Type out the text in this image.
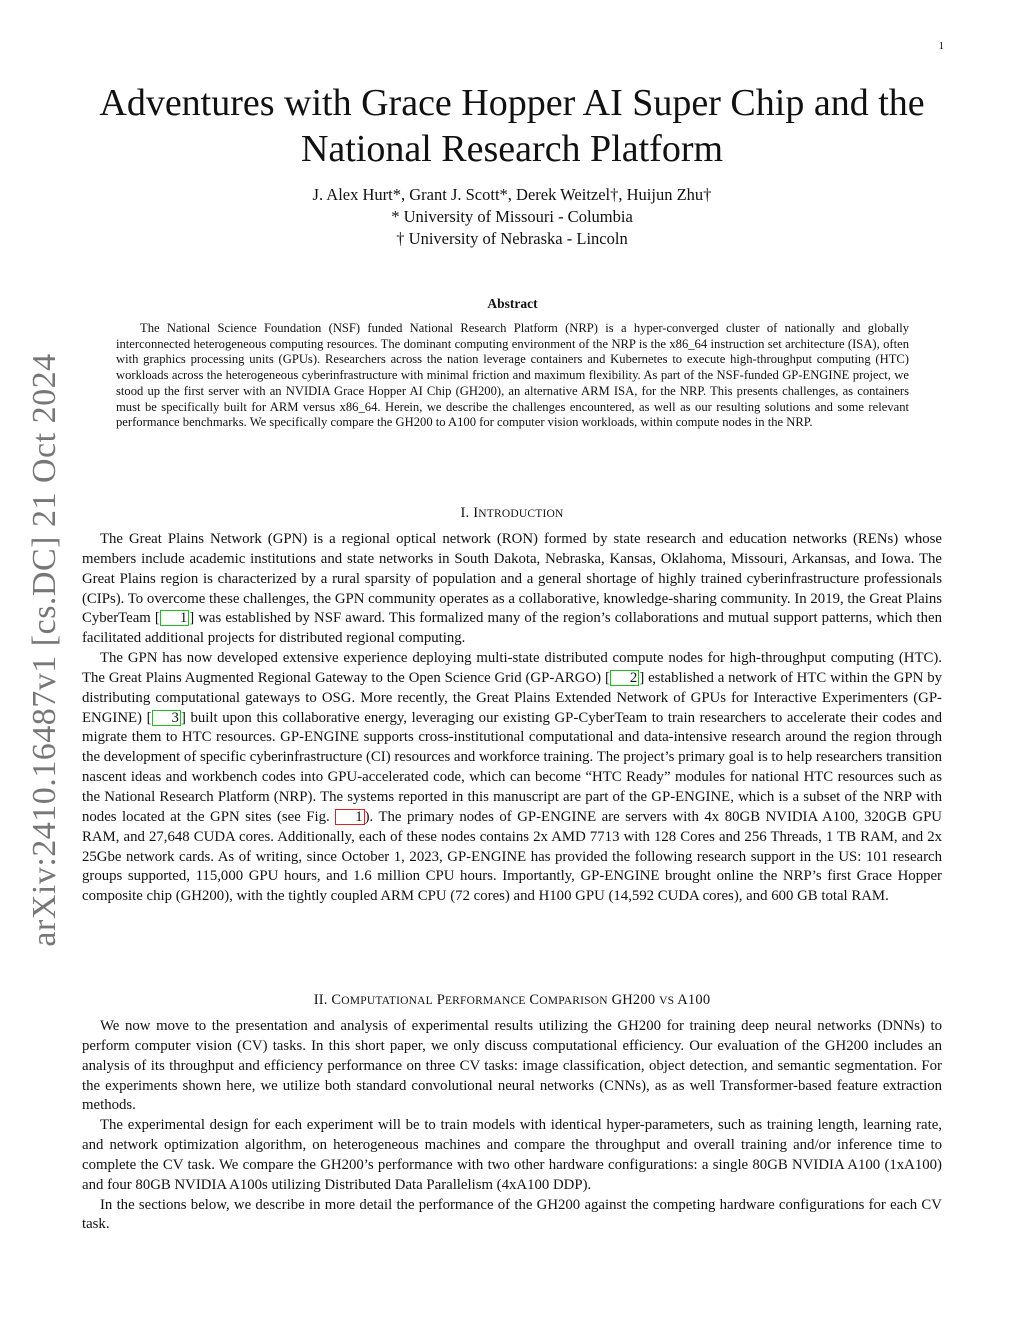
1
arXiv:2410.16487v1 [cs.DC] 21 Oct 2024
Adventures with Grace Hopper AI Super Chip and the National Research Platform
J. Alex Hurt*, Grant J. Scott*, Derek Weitzel†, Huijun Zhu†
* University of Missouri - Columbia
† University of Nebraska - Lincoln
Abstract

The National Science Foundation (NSF) funded National Research Platform (NRP) is a hyper-converged cluster of nationally and globally interconnected heterogeneous computing resources. The dominant computing environment of the NRP is the x86_64 instruction set architecture (ISA), often with graphics processing units (GPUs). Researchers across the nation leverage containers and Kubernetes to execute high-throughput computing (HTC) workloads across the heterogeneous cyberinfrastructure with minimal friction and maximum flexibility. As part of the NSF-funded GP-ENGINE project, we stood up the first server with an NVIDIA Grace Hopper AI Chip (GH200), an alternative ARM ISA, for the NRP. This presents challenges, as containers must be specifically built for ARM versus x86_64. Herein, we describe the challenges encountered, as well as our resulting solutions and some relevant performance benchmarks. We specifically compare the GH200 to A100 for computer vision workloads, within compute nodes in the NRP.

I. INTRODUCTION

The Great Plains Network (GPN) is a regional optical network (RON) formed by state research and education networks (RENs) whose members include academic institutions and state networks in South Dakota, Nebraska, Kansas, Oklahoma, Missouri, Arkansas, and Iowa. The Great Plains region is characterized by a rural sparsity of population and a general shortage of highly trained cyberinfrastructure professionals (CIPs). To overcome these challenges, the GPN community operates as a collaborative, knowledge-sharing community. In 2019, the Great Plains CyberTeam [ 1 ] was established by NSF award. This formalized many of the region’s collaborations and mutual support patterns, which then facilitated additional projects for distributed regional computing.

The GPN has now developed extensive experience deploying multi-state distributed compute nodes for high-throughput computing (HTC). The Great Plains Augmented Regional Gateway to the Open Science Grid (GP-ARGO) [ 2 ] established a network of HTC within the GPN by distributing computational gateways to OSG. More recently, the Great Plains Extended Network of GPUs for Interactive Experimenters (GP-ENGINE) [ 3 ] built upon this collaborative energy, leveraging our existing GP-CyberTeam to train researchers to accelerate their codes and migrate them to HTC resources. GP-ENGINE supports cross-institutional computational and data-intensive research around the region through the development of specific cyberinfrastructure (CI) resources and workforce training. The project’s primary goal is to help researchers transition nascent ideas and workbench codes into GPU-accelerated code, which can become “HTC Ready” modules for national HTC resources such as the National Research Platform (NRP). The systems reported in this manuscript are part of the GP-ENGINE, which is a subset of the NRP with nodes located at the GPN sites (see Fig. 1 ). The primary nodes of GP-ENGINE are servers with 4x 80GB NVIDIA A100, 320GB GPU RAM, and 27,648 CUDA cores. Additionally, each of these nodes contains 2x AMD 7713 with 128 Cores and 256 Threads, 1 TB RAM, and 2x 25Gbe network cards. As of writing, since October 1, 2023, GP-ENGINE has provided the following research support in the US: 101 research groups supported, 115,000 GPU hours, and 1.6 million CPU hours. Importantly, GP-ENGINE brought online the NRP’s first Grace Hopper composite chip (GH200), with the tightly coupled ARM CPU (72 cores) and H100 GPU (14,592 CUDA cores), and 600 GB total RAM.

II. COMPUTATIONAL PERFORMANCE COMPARISON GH200 VS A100

We now move to the presentation and analysis of experimental results utilizing the GH200 for training deep neural networks (DNNs) to perform computer vision (CV) tasks. In this short paper, we only discuss computational efficiency. Our evaluation of the GH200 includes an analysis of its throughput and efficiency performance on three CV tasks: image classification, object detection, and semantic segmentation. For the experiments shown here, we utilize both standard convolutional neural networks (CNNs), as as well Transformer-based feature extraction methods.

The experimental design for each experiment will be to train models with identical hyper-parameters, such as training length, learning rate, and network optimization algorithm, on heterogeneous machines and compare the throughput and overall training and/or inference time to complete the CV task. We compare the GH200’s performance with two other hardware configurations: a single 80GB NVIDIA A100 (1xA100) and four 80GB NVIDIA A100s utilizing Distributed Data Parallelism (4xA100 DDP).

In the sections below, we describe in more detail the performance of the GH200 against the competing hardware configurations for each CV task.
